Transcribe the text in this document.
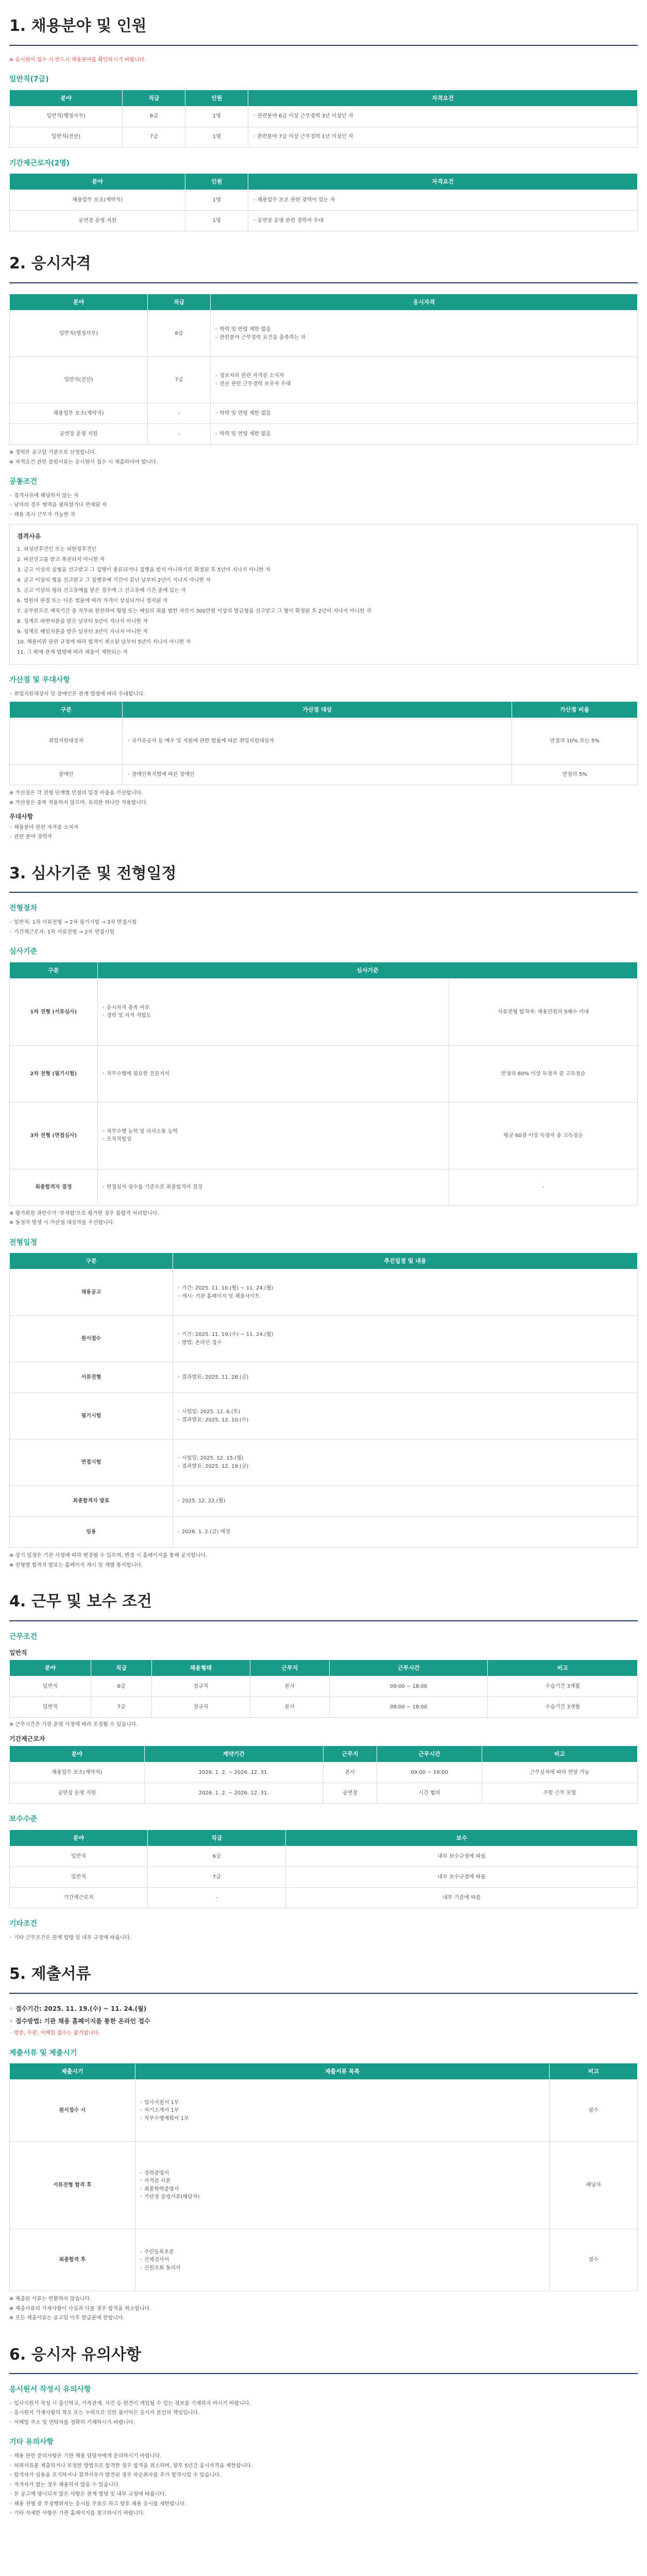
1. 채용분야 및 인원
※ 응시원서 접수 시 반드시 채용분야를 확인하시기 바랍니다.
일반직(7급)
분야	직급	인원	자격요건
일반직(행정사무)	6급	1명	◦ 관련분야 6급 이상 근무경력 3년 이상인 자
일반직(전산)	7급	1명	◦ 관련분야 7급 이상 근무경력 1년 이상인 자
기간제근로자(2명)
분야	인원	자격요건
채용업무 보조(계약직)	1명	◦ 채용업무 보조 관련 경력이 있는 자
공연장 운영 지원	1명	◦ 공연장 운영 관련 경력자 우대
2. 응시자격
분야	직급	응시자격
일반직(행정사무)	6급	◦ 학력 및 연령 제한 없음
◦ 관련분야 근무경력 요건을 충족하는 자
일반직(전산)	7급	◦ 정보처리 관련 자격증 소지자
◦ 전산 관련 근무경력 보유자 우대
채용업무 보조(계약직)	-	◦ 학력 및 연령 제한 없음
공연장 운영 지원	-	◦ 학력 및 연령 제한 없음
※ 경력은 공고일 기준으로 산정합니다.
※ 자격요건 관련 증빙서류는 응시원서 접수 시 제출하여야 합니다.
공통조건
◦ 결격사유에 해당하지 않는 자
◦ 남자의 경우 병역을 필하였거나 면제된 자
◦ 채용 즉시 근무가 가능한 자
결격사유
1. 피성년후견인 또는 피한정후견인
2. 파산선고를 받고 복권되지 아니한 자
3. 금고 이상의 실형을 선고받고 그 집행이 종료되거나 집행을 받지 아니하기로 확정된 후 5년이 지나지 아니한 자
4. 금고 이상의 형을 선고받고 그 집행유예 기간이 끝난 날부터 2년이 지나지 아니한 자
5. 금고 이상의 형의 선고유예를 받은 경우에 그 선고유예 기간 중에 있는 자
6. 법원의 판결 또는 다른 법률에 따라 자격이 상실되거나 정지된 자
7. 공무원으로 재직기간 중 직무와 관련하여 횡령 또는 배임의 죄를 범한 자로서 300만원 이상의 벌금형을 선고받고 그 형이 확정된 후 2년이 지나지 아니한 자
8. 징계로 파면처분을 받은 날부터 5년이 지나지 아니한 자
9. 징계로 해임처분을 받은 날부터 3년이 지나지 아니한 자
10. 채용비위 관련 규정에 따라 합격이 취소된 날부터 5년이 지나지 아니한 자
11. 그 밖에 관계 법령에 따라 채용이 제한되는 자
가산점 및 우대사항
◦ 취업지원대상자 및 장애인은 관계 법령에 따라 우대합니다.
구분	가산점 대상	가산점 비율
취업지원대상자	◦ 국가유공자 등 예우 및 지원에 관한 법률에 따른 취업지원대상자	만점의 10% 또는 5%
장애인	◦ 장애인복지법에 따른 장애인	만점의 5%
※ 가산점은 각 전형 단계별 만점의 일정 비율을 가산합니다.
※ 가산점은 중복 적용하지 않으며, 유리한 하나만 적용합니다.
우대사항
◦ 채용분야 관련 자격증 소지자
◦ 관련 분야 경력자
3. 심사기준 및 전형일정
전형절차
◦ 일반직: 1차 서류전형 → 2차 필기시험 → 3차 면접시험
◦ 기간제근로자: 1차 서류전형 → 2차 면접시험
심사기준
구분	심사기준	
1차 전형 (서류심사)	◦ 응시자격 충족 여부
◦ 경력 및 자격 적합도	서류전형 합격자: 채용인원의 5배수 이내
2차 전형 (필기시험)	◦ 직무수행에 필요한 전문지식	만점의 60% 이상 득점자 중 고득점순
3차 전형 (면접심사)	◦ 직무수행 능력 및 의사소통 능력
◦ 조직적합성	평균 60점 이상 득점자 중 고득점순
최종합격자 결정	◦ 면접심사 점수를 기준으로 최종합격자 결정	-
※ 평가위원 과반수가 '부적합'으로 평가한 경우 불합격 처리합니다.
※ 동점자 발생 시 가산점 대상자를 우선합니다.
전형일정
구분	추진일정 및 내용
채용공고	◦ 기간: 2025. 11. 10.(월) ~ 11. 24.(월)
◦ 게시: 기관 홈페이지 및 채용사이트
원서접수	◦ 기간: 2025. 11. 19.(수) ~ 11. 24.(월)
◦ 방법: 온라인 접수
서류전형	◦ 결과발표: 2025. 11. 28.(금)
필기시험	◦ 시험일: 2025. 12. 6.(토)
◦ 결과발표: 2025. 12. 10.(수)
면접시험	◦ 시험일: 2025. 12. 15.(월)
◦ 결과발표: 2025. 12. 19.(금)
최종합격자 발표	◦ 2025. 12. 22.(월)
임용	◦ 2026. 1. 2.(금) 예정
※ 상기 일정은 기관 사정에 따라 변경될 수 있으며, 변경 시 홈페이지를 통해 공지합니다.
※ 전형별 합격자 발표는 홈페이지 게시 및 개별 통지합니다.
4. 근무 및 보수 조건
근무조건
일반직
분야	직급	채용형태	근무지	근무시간	비고
일반직	6급	정규직	본사	09:00 ~ 18:00	수습기간 3개월
일반직	7급	정규직	본사	09:00 ~ 18:00	수습기간 3개월
※ 근무시간은 기관 운영 사정에 따라 조정될 수 있습니다.
기간제근로자
분야	계약기간	근무지	근무시간	비고
채용업무 보조(계약직)	2026. 1. 2. ~ 2026. 12. 31.	본사	09:00 ~ 18:00	근무실적에 따라 연장 가능
공연장 운영 지원	2026. 1. 2. ~ 2026. 12. 31.	공연장	시간 협의	주말 근무 포함
보수수준
분야	직급	보수
일반직	6급	내부 보수규정에 따름
일반직	7급	내부 보수규정에 따름
기간제근로자	-	내부 기준에 따름
기타조건
◦ 기타 근무조건은 관계 법령 및 내부 규정에 따릅니다.
5. 제출서류
◦ 접수기간: 2025. 11. 19.(수) ~ 11. 24.(월)
◦ 접수방법: 기관 채용 홈페이지를 통한 온라인 접수
◦ 방문, 우편, 이메일 접수는 불가합니다.
제출서류 및 제출시기
제출시기	제출서류 목록	비고
원서접수 시	◦ 입사지원서 1부
◦ 자기소개서 1부
◦ 직무수행계획서 1부	필수
서류전형 합격 후	◦ 경력증명서
◦ 자격증 사본
◦ 최종학력증명서
◦ 가산점 증빙서류(해당자)	해당자
최종합격 후	◦ 주민등록초본
◦ 신체검사서
◦ 신원조회 동의서	필수
※ 제출된 서류는 반환하지 않습니다.
※ 제출서류의 기재사항이 사실과 다를 경우 합격을 취소합니다.
※ 모든 제출서류는 공고일 이후 발급분에 한합니다.
6. 응시자 유의사항
응시원서 작성시 유의사항
◦ 입사지원서 작성 시 출신학교, 가족관계, 사진 등 편견이 개입될 수 있는 정보를 기재하지 마시기 바랍니다.
◦ 응시원서 기재사항의 착오 또는 누락으로 인한 불이익은 응시자 본인의 책임입니다.
◦ 이메일 주소 및 연락처를 정확히 기재하시기 바랍니다.
기타 유의사항
◦ 채용 관련 문의사항은 기관 채용 담당자에게 문의하시기 바랍니다.
◦ 허위서류를 제출하거나 부정한 방법으로 합격한 경우 합격을 취소하며, 향후 5년간 응시자격을 제한합니다.
◦ 합격자가 임용을 포기하거나 결격사유가 발견된 경우 차순위자를 추가 합격시킬 수 있습니다.
◦ 적격자가 없는 경우 채용하지 않을 수 있습니다.
◦ 본 공고에 명시되지 않은 사항은 관계 법령 및 내부 규정에 따릅니다.
◦ 채용 전형 중 부정행위자는 응시를 무효로 하고 향후 채용 응시를 제한합니다.
◦ 기타 자세한 사항은 기관 홈페이지를 참고하시기 바랍니다.
